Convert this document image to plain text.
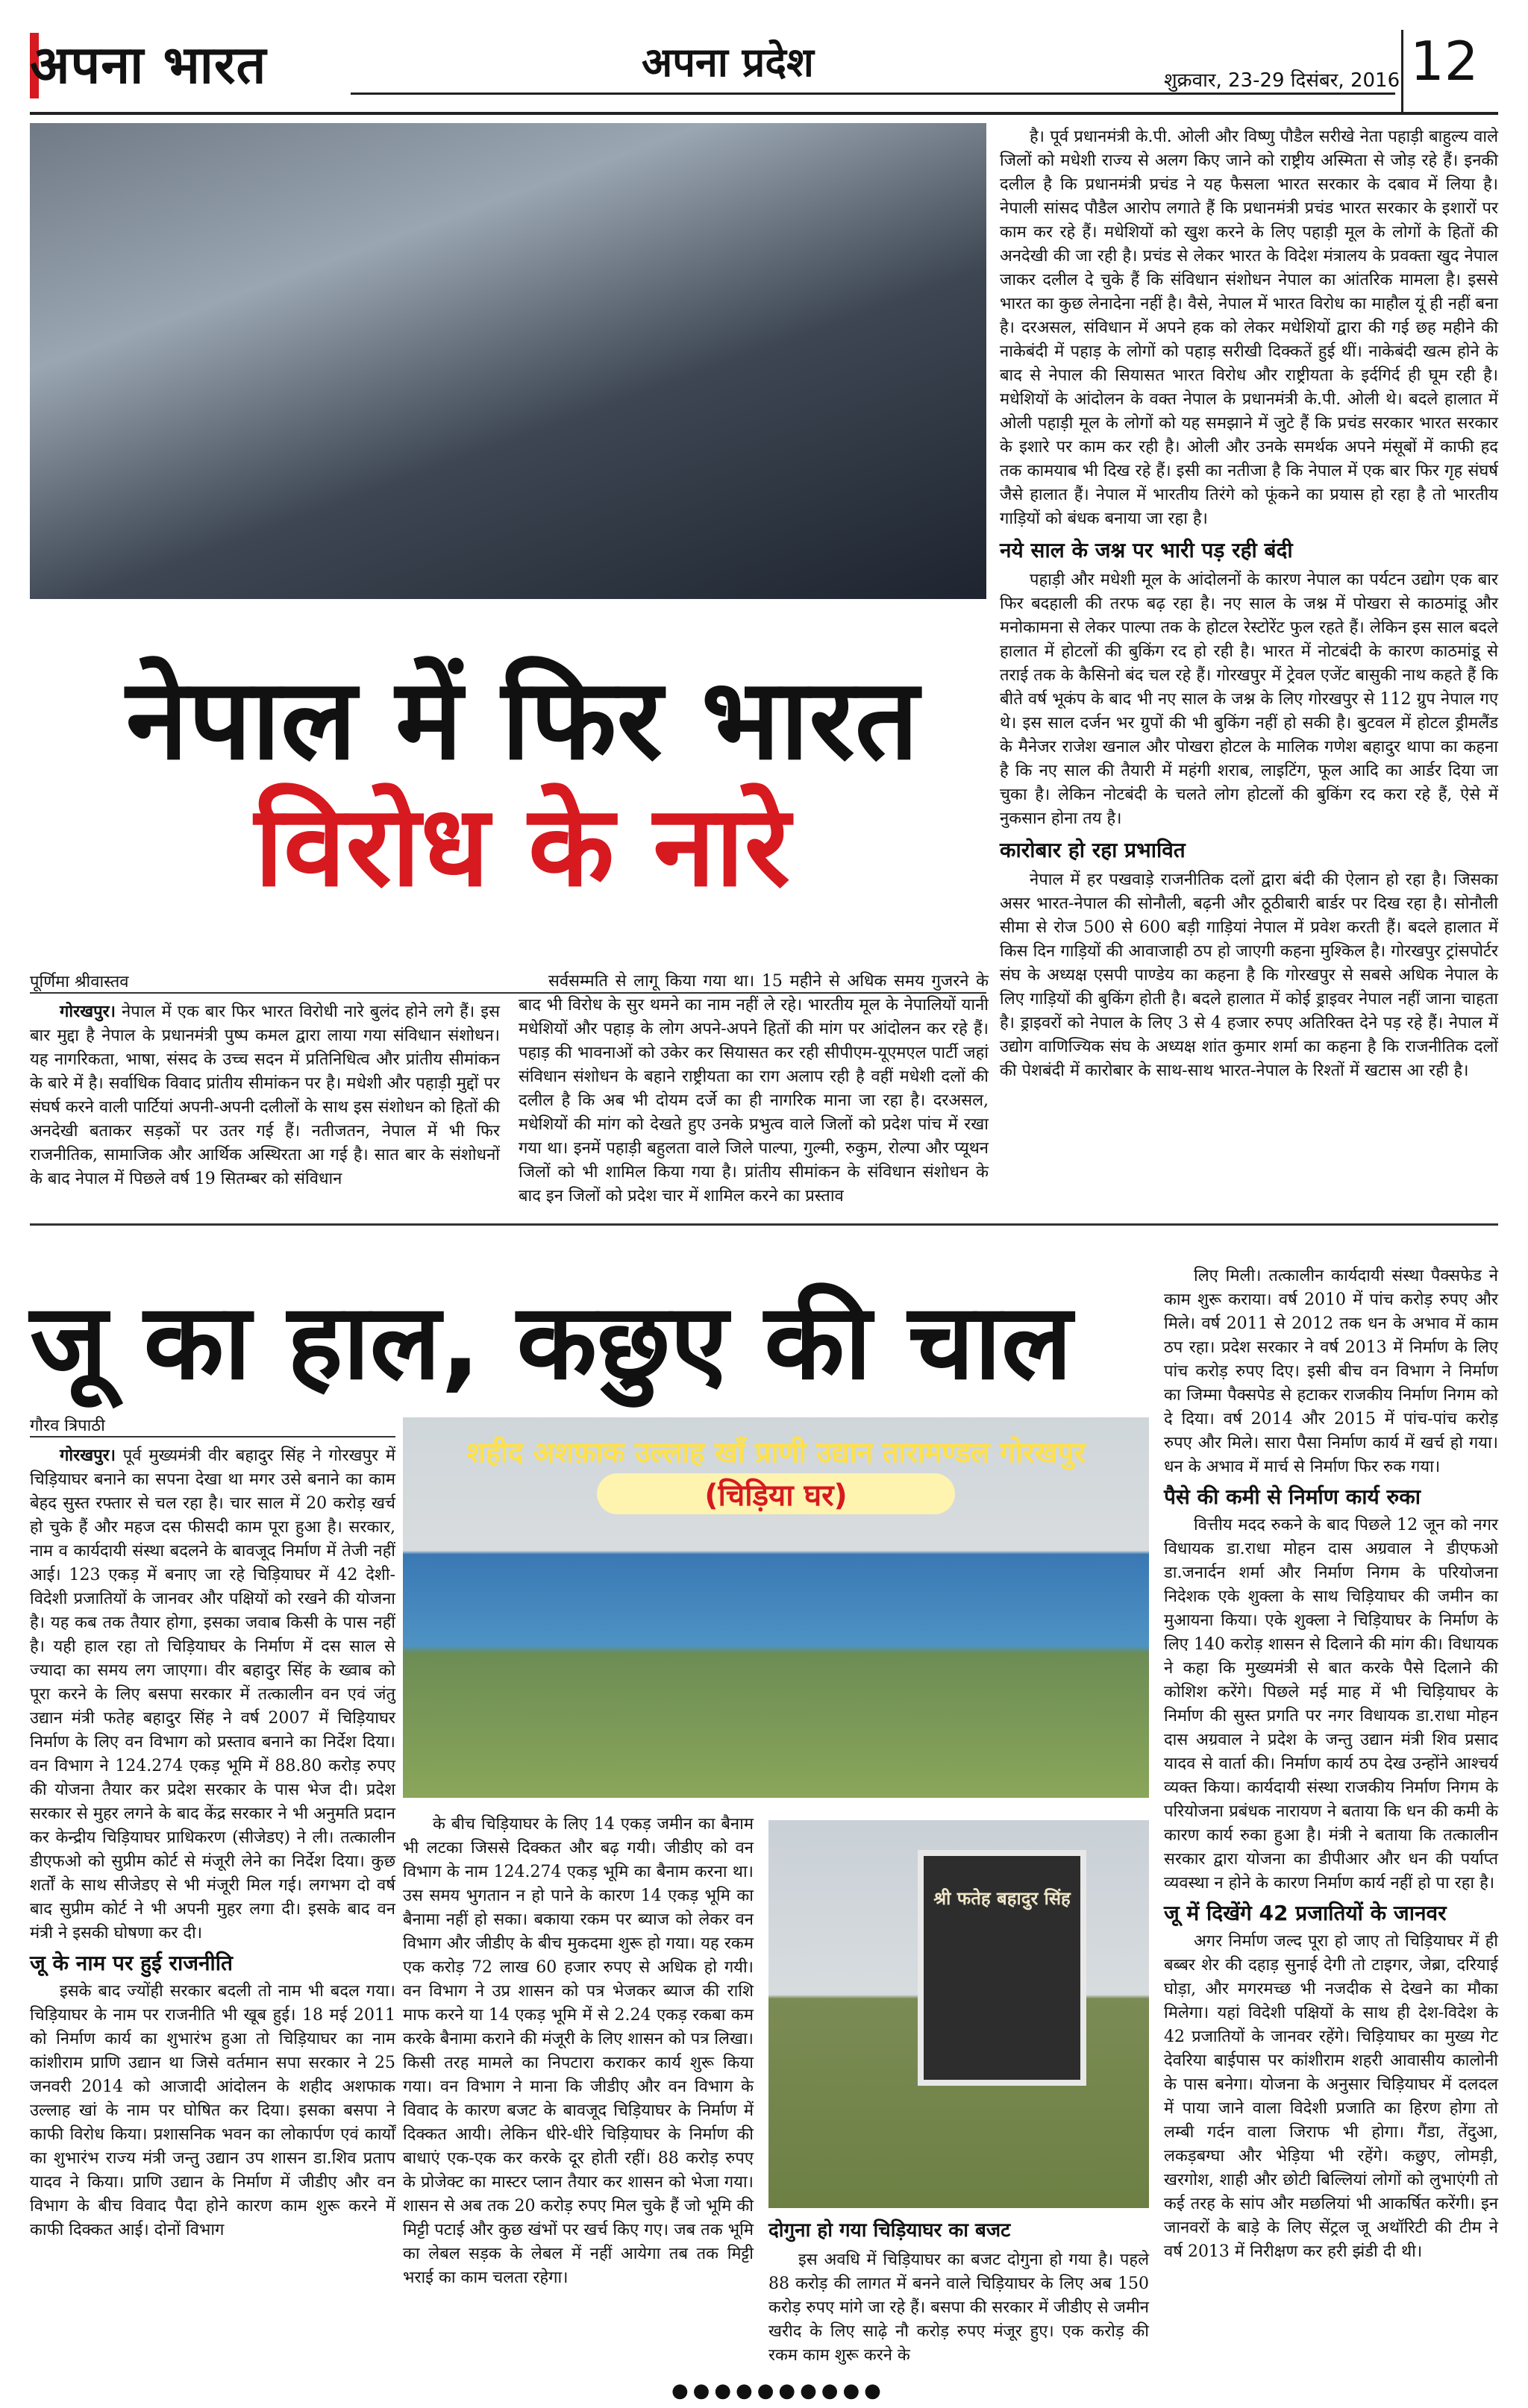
अपना भारत	अपना प्रदेश	शुक्रवार, 23-29 दिसंबर, 2016 12

है। पूर्व प्रधानमंत्री के.पी. ओली और विष्णु पौडैल सरीखे नेता पहाड़ी बाहुल्य वाले जिलों को मधेशी राज्य से अलग किए जाने को राष्ट्रीय अस्मिता से जोड़ रहे हैं। इनकी दलील है कि प्रधानमंत्री प्रचंड ने यह फैसला भारत सरकार के दबाव में लिया है। नेपाली सांसद पौडैल आरोप लगाते हैं कि प्रधानमंत्री प्रचंड भारत सरकार के इशारों पर काम कर रहे हैं। मधेशियों को खुश करने के लिए पहाड़ी मूल के लोगों के हितों की अनदेखी की जा रही है। प्रचंड से लेकर भारत के विदेश मंत्रालय के प्रवक्ता खुद नेपाल जाकर दलील दे चुके हैं कि संविधान संशोधन नेपाल का आंतरिक मामला है। इससे भारत का कुछ लेनादेना नहीं है। वैसे, नेपाल में भारत विरोध का माहौल यूं ही नहीं बना है। दरअसल, संविधान में अपने हक को लेकर मधेशियों द्वारा की गई छह महीने की नाकेबंदी में पहाड़ के लोगों को पहाड़ सरीखी दिक्कतें हुई थीं। नाकेबंदी खत्म होने के बाद से नेपाल की सियासत भारत विरोध और राष्ट्रीयता के इर्दगिर्द ही घूम रही है। मधेशियों के आंदोलन के वक्त नेपाल के प्रधानमंत्री के.पी. ओली थे। बदले हालात में ओली पहाड़ी मूल के लोगों को यह समझाने में जुटे हैं कि प्रचंड सरकार भारत सरकार के इशारे पर काम कर रही है। ओली और उनके समर्थक अपने मंसूबों में काफी हद तक कामयाब भी दिख रहे हैं। इसी का नतीजा है कि नेपाल में एक बार फिर गृह संघर्ष जैसे हालात हैं। नेपाल में भारतीय तिरंगे को फूंकने का प्रयास हो रहा है तो भारतीय गाड़ियों को बंधक बनाया जा रहा है।

नये साल के जश्न पर भारी पड़ रही बंदी

पहाड़ी और मधेशी मूल के आंदोलनों के कारण नेपाल का पर्यटन उद्योग एक बार फिर बदहाली की तरफ बढ़ रहा है। नए साल के जश्न में पोखरा से काठमांडू और मनोकामना से लेकर पाल्पा तक के होटल रेस्टोरेंट फुल रहते हैं। लेकिन इस साल बदले हालात में होटलों की बुकिंग रद हो रही है। भारत में नोटबंदी के कारण काठमांडू से तराई तक के कैसिनो बंद चल रहे हैं। गोरखपुर में ट्रेवल एजेंट बासुकी नाथ कहते हैं कि बीते वर्ष भूकंप के बाद भी नए साल के जश्न के लिए गोरखपुर से 112 ग्रुप नेपाल गए थे। इस साल दर्जन भर ग्रुपों की भी बुकिंग नहीं हो सकी है। बुटवल में होटल ड्रीमलैंड के मैनेजर राजेश खनाल और पोखरा होटल के मालिक गणेश बहादुर थापा का कहना है कि नए साल की तैयारी में महंगी शराब, लाइटिंग, फूल आदि का आर्डर दिया जा चुका है। लेकिन नोटबंदी के चलते लोग होटलों की बुकिंग रद करा रहे हैं, ऐसे में नुकसान होना तय है।

कारोबार हो रहा प्रभावित

नेपाल में हर पखवाड़े राजनीतिक दलों द्वारा बंदी की ऐलान हो रहा है। जिसका असर भारत-नेपाल की सोनौली, बढ़नी और ठूठीबारी बार्डर पर दिख रहा है। सोनौली सीमा से रोज 500 से 600 बड़ी गाड़ियां नेपाल में प्रवेश करती हैं। बदले हालात में किस दिन गाड़ियों की आवाजाही ठप हो जाएगी कहना मुश्किल है। गोरखपुर ट्रांसपोर्टर संघ के अध्यक्ष एसपी पाण्डेय का कहना है कि गोरखपुर से सबसे अधिक नेपाल के लिए गाड़ियों की बुकिंग होती है। बदले हालात में कोई ड्राइवर नेपाल नहीं जाना चाहता है। ड्राइवरों को नेपाल के लिए 3 से 4 हजार रुपए अतिरिक्त देने पड़ रहे हैं। नेपाल में उद्योग वाणिज्यिक संघ के अध्यक्ष शांत कुमार शर्मा का कहना है कि राजनीतिक दलों की पेशबंदी में कारोबार के साथ-साथ भारत-नेपाल के रिश्तों में खटास आ रही है।

नेपाल में फिर भारत
विरोध के नारे
पूर्णिमा श्रीवास्तव

गोरखपुर। नेपाल में एक बार फिर भारत विरोधी नारे बुलंद होने लगे हैं। इस बार मुद्दा है नेपाल के प्रधानमंत्री पुष्प कमल द्वारा लाया गया संविधान संशोधन। यह नागरिकता, भाषा, संसद के उच्च सदन में प्रतिनिधित्व और प्रांतीय सीमांकन के बारे में है। सर्वाधिक विवाद प्रांतीय सीमांकन पर है। मधेशी और पहाड़ी मुद्दों पर संघर्ष करने वाली पार्टियां अपनी-अपनी दलीलों के साथ इस संशोधन को हितों की अनदेखी बताकर सड़कों पर उतर गई हैं। नतीजतन, नेपाल में भी फिर राजनीतिक, सामाजिक और आर्थिक अस्थिरता आ गई है। सात बार के संशोधनों के बाद नेपाल में पिछले वर्ष 19 सितम्बर को संविधान

सर्वसम्मति से लागू किया गया था। 15 महीने से अधिक समय गुजरने के बाद भी विरोध के सुर थमने का नाम नहीं ले रहे। भारतीय मूल के नेपालियों यानी मधेशियों और पहाड़ के लोग अपने-अपने हितों की मांग पर आंदोलन कर रहे हैं। पहाड़ की भावनाओं को उकेर कर सियासत कर रही सीपीएम-यूएमएल पार्टी जहां संविधान संशोधन के बहाने राष्ट्रीयता का राग अलाप रही है वहीं मधेशी दलों की दलील है कि अब भी दोयम दर्जे का ही नागरिक माना जा रहा है। दरअसल, मधेशियों की मांग को देखते हुए उनके प्रभुत्व वाले जिलों को प्रदेश पांच में रखा गया था। इनमें पहाड़ी बहुलता वाले जिले पाल्पा, गुल्मी, रुकुम, रोल्पा और प्यूथन जिलों को भी शामिल किया गया है। प्रांतीय सीमांकन के संविधान संशोधन के बाद इन जिलों को प्रदेश चार में शामिल करने का प्रस्ताव

जू का हाल, कछुए की चाल
गौरव त्रिपाठी
शहीद अशफ़ाक उल्लाह खाँ प्राणी उद्यान तारामण्डल गोरखपुर
(चिड़िया घर)

गोरखपुर। पूर्व मुख्यमंत्री वीर बहादुर सिंह ने गोरखपुर में चिड़ियाघर बनाने का सपना देखा था मगर उसे बनाने का काम बेहद सुस्त रफ्तार से चल रहा है। चार साल में 20 करोड़ खर्च हो चुके हैं और महज दस फीसदी काम पूरा हुआ है। सरकार, नाम व कार्यदायी संस्था बदलने के बावजूद निर्माण में तेजी नहीं आई। 123 एकड़ में बनाए जा रहे चिड़ियाघर में 42 देशी-विदेशी प्रजातियों के जानवर और पक्षियों को रखने की योजना है। यह कब तक तैयार होगा, इसका जवाब किसी के पास नहीं है। यही हाल रहा तो चिड़ियाघर के निर्माण में दस साल से ज्यादा का समय लग जाएगा। वीर बहादुर सिंह के ख्वाब को पूरा करने के लिए बसपा सरकार में तत्कालीन वन एवं जंतु उद्यान मंत्री फतेह बहादुर सिंह ने वर्ष 2007 में चिड़ियाघर निर्माण के लिए वन विभाग को प्रस्ताव बनाने का निर्देश दिया। वन विभाग ने 124.274 एकड़ भूमि में 88.80 करोड़ रुपए की योजना तैयार कर प्रदेश सरकार के पास भेज दी। प्रदेश सरकार से मुहर लगने के बाद केंद्र सरकार ने भी अनुमति प्रदान कर केन्द्रीय चिड़ियाघर प्राधिकरण (सीजेडए) ने ली। तत्कालीन डीएफओ को सुप्रीम कोर्ट से मंजूरी लेने का निर्देश दिया। कुछ शर्तों के साथ सीजेडए से भी मंजूरी मिल गई। लगभग दो वर्ष बाद सुप्रीम कोर्ट ने भी अपनी मुहर लगा दी। इसके बाद वन मंत्री ने इसकी घोषणा कर दी।

जू के नाम पर हुई राजनीति

इसके बाद ज्योंही सरकार बदली तो नाम भी बदल गया। चिड़ियाघर के नाम पर राजनीति भी खूब हुई। 18 मई 2011 को निर्माण कार्य का शुभारंभ हुआ तो चिड़ियाघर का नाम कांशीराम प्राणि उद्यान था जिसे वर्तमान सपा सरकार ने 25 जनवरी 2014 को आजादी आंदोलन के शहीद अशफाक उल्लाह खां के नाम पर घोषित कर दिया। इसका बसपा ने काफी विरोध किया। प्रशासनिक भवन का लोकार्पण एवं कार्यों का शुभारंभ राज्य मंत्री जन्तु उद्यान उप शासन डा.शिव प्रताप यादव ने किया। प्राणि उद्यान के निर्माण में जीडीए और वन विभाग के बीच विवाद पैदा होने कारण काम शुरू करने में काफी दिक्कत आई। दोनों विभाग

के बीच चिड़ियाघर के लिए 14 एकड़ जमीन का बैनाम भी लटका जिससे दिक्कत और बढ़ गयी। जीडीए को वन विभाग के नाम 124.274 एकड़ भूमि का बैनाम करना था। उस समय भुगतान न हो पाने के कारण 14 एकड़ भूमि का बैनामा नहीं हो सका। बकाया रकम पर ब्याज को लेकर वन विभाग और जीडीए के बीच मुकदमा शुरू हो गया। यह रकम एक करोड़ 72 लाख 60 हजार रुपए से अधिक हो गयी। वन विभाग ने उप्र शासन को पत्र भेजकर ब्याज की राशि माफ करने या 14 एकड़ भूमि में से 2.24 एकड़ रकबा कम करके बैनामा कराने की मंजूरी के लिए शासन को पत्र लिखा। किसी तरह मामले का निपटारा कराकर कार्य शुरू किया गया। वन विभाग ने माना कि जीडीए और वन विभाग के विवाद के कारण बजट के बावजूद चिड़ियाघर के निर्माण में दिक्कत आयी। लेकिन धीरे-धीरे चिड़ियाघर के निर्माण की बाधाएं एक-एक कर करके दूर होती रहीं। 88 करोड़ रुपए के प्रोजेक्ट का मास्टर प्लान तैयार कर शासन को भेजा गया। शासन से अब तक 20 करोड़ रुपए मिल चुके हैं जो भूमि की मिट्टी पटाई और कुछ खंभों पर खर्च किए गए। जब तक भूमि का लेबल सड़क के लेबल में नहीं आयेगा तब तक मिट्टी भराई का काम चलता रहेगा।

श्री फतेह बहादुर सिंह
दोगुना हो गया चिड़ियाघर का बजट

इस अवधि में चिड़ियाघर का बजट दोगुना हो गया है। पहले 88 करोड़ की लागत में बनने वाले चिड़ियाघर के लिए अब 150 करोड़ रुपए मांगे जा रहे हैं। बसपा की सरकार में जीडीए से जमीन खरीद के लिए साढ़े नौ करोड़ रुपए मंजूर हुए। एक करोड़ की रकम काम शुरू करने के

लिए मिली। तत्कालीन कार्यदायी संस्था पैक्सफेड ने काम शुरू कराया। वर्ष 2010 में पांच करोड़ रुपए और मिले। वर्ष 2011 से 2012 तक धन के अभाव में काम ठप रहा। प्रदेश सरकार ने वर्ष 2013 में निर्माण के लिए पांच करोड़ रुपए दिए। इसी बीच वन विभाग ने निर्माण का जिम्मा पैक्सपेड से हटाकर राजकीय निर्माण निगम को दे दिया। वर्ष 2014 और 2015 में पांच-पांच करोड़ रुपए और मिले। सारा पैसा निर्माण कार्य में खर्च हो गया। धन के अभाव में मार्च से निर्माण फिर रुक गया।

पैसे की कमी से निर्माण कार्य रुका

वित्तीय मदद रुकने के बाद पिछले 12 जून को नगर विधायक डा.राधा मोहन दास अग्रवाल ने डीएफओ डा.जनार्दन शर्मा और निर्माण निगम के परियोजना निदेशक एके शुक्ला के साथ चिड़ियाघर की जमीन का मुआयना किया। एके शुक्ला ने चिड़ियाघर के निर्माण के लिए 140 करोड़ शासन से दिलाने की मांग की। विधायक ने कहा कि मुख्यमंत्री से बात करके पैसे दिलाने की कोशिश करेंगे। पिछले मई माह में भी चिड़ियाघर के निर्माण की सुस्त प्रगति पर नगर विधायक डा.राधा मोहन दास अग्रवाल ने प्रदेश के जन्तु उद्यान मंत्री शिव प्रसाद यादव से वार्ता की। निर्माण कार्य ठप देख उन्होंने आश्चर्य व्यक्त किया। कार्यदायी संस्था राजकीय निर्माण निगम के परियोजना प्रबंधक नारायण ने बताया कि धन की कमी के कारण कार्य रुका हुआ है। मंत्री ने बताया कि तत्कालीन सरकार द्वारा योजना का डीपीआर और धन की पर्याप्त व्यवस्था न होने के कारण निर्माण कार्य नहीं हो पा रहा है।

जू में दिखेंगे 42 प्रजातियों के जानवर

अगर निर्माण जल्द पूरा हो जाए तो चिड़ियाघर में ही बब्बर शेर की दहाड़ सुनाई देगी तो टाइगर, जेब्रा, दरियाई घोड़ा, और मगरमच्छ भी नजदीक से देखने का मौका मिलेगा। यहां विदेशी पक्षियों के साथ ही देश-विदेश के 42 प्रजातियों के जानवर रहेंगे। चिड़ियाघर का मुख्य गेट देवरिया बाईपास पर कांशीराम शहरी आवासीय कालोनी के पास बनेगा। योजना के अनुसार चिड़ियाघर में दलदल में पाया जाने वाला विदेशी प्रजाति का हिरण होगा तो लम्बी गर्दन वाला जिराफ भी होगा। गैंडा, तेंदुआ, लकड़बग्घा और भेड़िया भी रहेंगे। कछुए, लोमड़ी, खरगोश, शाही और छोटी बिल्लियां लोगों को लुभाएंगी तो कई तरह के सांप और मछलियां भी आकर्षित करेंगी। इन जानवरों के बाड़े के लिए सेंट्रल जू अथॉरिटी की टीम ने वर्ष 2013 में निरीक्षण कर हरी झंडी दी थी।

●●●●●●●●●●
